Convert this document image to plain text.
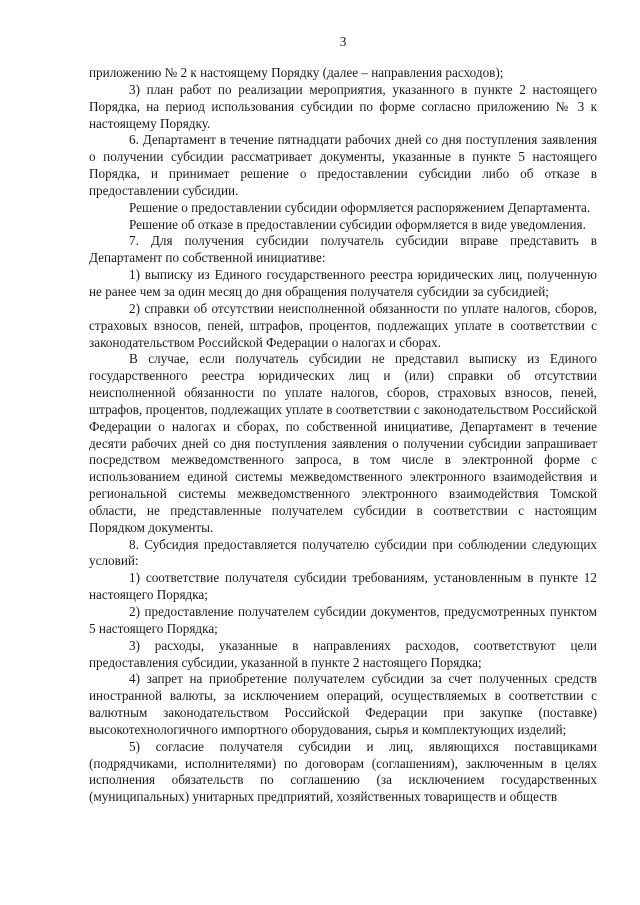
3

приложению № 2 к настоящему Порядку (далее – направления расходов);

3) план работ по реализации мероприятия, указанного в пункте 2 настоящего Порядка, на период использования субсидии по форме согласно приложению № 3 к настоящему Порядку.

6. Департамент в течение пятнадцати рабочих дней со дня поступления заявления о получении субсидии рассматривает документы, указанные в пункте 5 настоящего Порядка, и принимает решение о предоставлении субсидии либо об отказе в предоставлении субсидии.

Решение о предоставлении субсидии оформляется распоряжением Департамента.

Решение об отказе в предоставлении субсидии оформляется в виде уведомления.

7. Для получения субсидии получатель субсидии вправе представить в Департамент по собственной инициативе:

1) выписку из Единого государственного реестра юридических лиц, полученную не ранее чем за один месяц до дня обращения получателя субсидии за субсидией;

2) справки об отсутствии неисполненной обязанности по уплате налогов, сборов, страховых взносов, пеней, штрафов, процентов, подлежащих уплате в соответствии с законодательством Российской Федерации о налогах и сборах.

В случае, если получатель субсидии не представил выписку из Единого государственного реестра юридических лиц и (или) справки об отсутствии неисполненной обязанности по уплате налогов, сборов, страховых взносов, пеней, штрафов, процентов, подлежащих уплате в соответствии с законодательством Российской Федерации о налогах и сборах, по собственной инициативе, Департамент в течение десяти рабочих дней со дня поступления заявления о получении субсидии запрашивает посредством межведомственного запроса, в том числе в электронной форме с использованием единой системы межведомственного электронного взаимодействия и региональной системы межведомственного электронного взаимодействия Томской области, не представленные получателем субсидии в соответствии с настоящим Порядком документы.

8. Субсидия предоставляется получателю субсидии при соблюдении следующих условий:

1) соответствие получателя субсидии требованиям, установленным в пункте 12 настоящего Порядка;

2) предоставление получателем субсидии документов, предусмотренных пунктом 5 настоящего Порядка;

3) расходы, указанные в направлениях расходов, соответствуют цели предоставления субсидии, указанной в пункте 2 настоящего Порядка;

4) запрет на приобретение получателем субсидии за счет полученных средств иностранной валюты, за исключением операций, осуществляемых в соответствии с валютным законодательством Российской Федерации при закупке (поставке) высокотехнологичного импортного оборудования, сырья и комплектующих изделий;

5) согласие получателя субсидии и лиц, являющихся поставщиками (подрядчиками, исполнителями) по договорам (соглашениям), заключенным в целях исполнения обязательств по соглашению (за исключением государственных (муниципальных) унитарных предприятий, хозяйственных товариществ и обществ
